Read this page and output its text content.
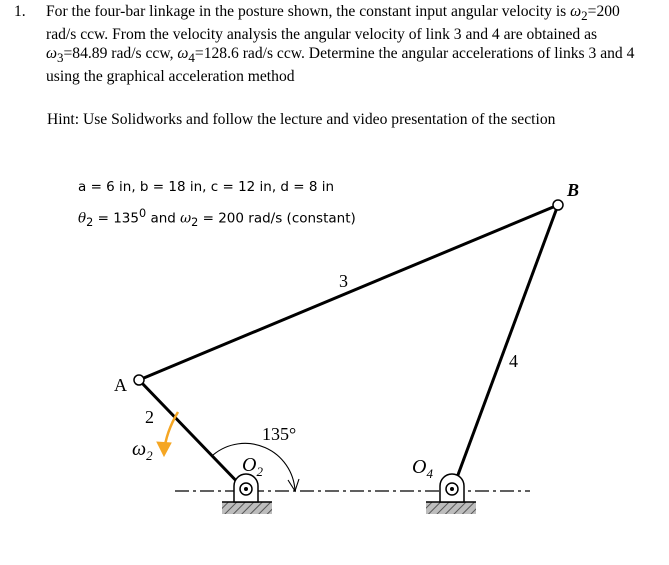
1. For the four-bar linkage in the posture shown, the constant input angular velocity is $\omega_2=200$ rad/s ccw. From the velocity analysis the angular velocity of link 3 and 4 are obtained as $\omega_3=84.89$ rad/s ccw, $\omega_4=128.6$ rad/s ccw. Determine the angular accelerations of links 3 and 4 using the graphical acceleration method
Hint: Use Solidworks and follow the lecture and video presentation of the section
a = 6 in, b = 18 in, c = 12 in, d = 8 in
$\theta_2 = 135^0$ and $\omega_2 = 200$ rad/s (constant)
A
B
2
3
4
$\omega_2$
135°
$O_2$	$O_4$
